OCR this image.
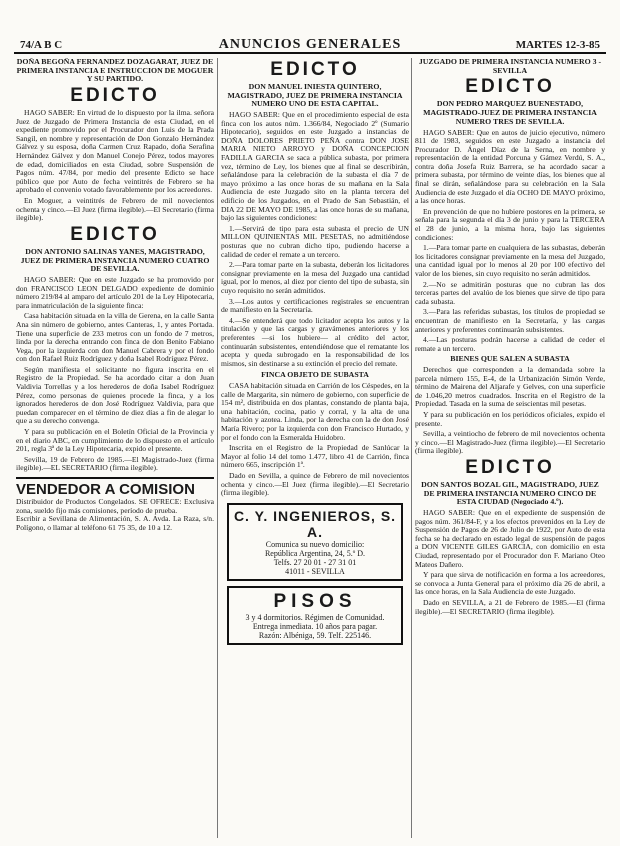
74/A B C	ANUNCIOS GENERALES	MARTES 12-3-85
DOÑA BEGOÑA FERNANDEZ DOZAGARAT, JUEZ DE PRIMERA INSTANCIA E INSTRUCCION DE MOGUER Y SU PARTIDO.
EDICTO

HAGO SABER: En virtud de lo dispuesto por la ilma. señora Juez de Juzgado de Primera Instancia de esta Ciudad, en el expediente promovido por el Procurador don Luis de la Prada Sangil, en nombre y representación de Don Gonzalo Hernández Gálvez y su esposa, doña Carmen Cruz Rapado, doña Serafina Hernández Gálvez y don Manuel Conejo Pérez, todos mayores de edad, domiciliados en esta Ciudad, sobre Suspensión de Pagos núm. 47/84, por medio del presente Edicto se hace público que por Auto de fecha veintitrés de Febrero se ha aprobado el convenio votado favorablemente por los acreedores.

En Moguer, a veintitrés de Febrero de mil novecientos ochenta y cinco.—El Juez (firma ilegible).—El Secretario (firma ilegible).

EDICTO
DON ANTONIO SALINAS YANES, MAGISTRADO, JUEZ DE PRIMERA INSTANCIA NUMERO CUATRO DE SEVILLA.

HAGO SABER: Que en este Juzgado se ha promovido por don FRANCISCO LEON DELGADO expediente de dominio número 219/84 al amparo del artículo 201 de la Ley Hipotecaria, para inmatriculación de la siguiente finca:

Casa habitación situada en la villa de Gerena, en la calle Santa Ana sin número de gobierno, antes Canteras, 1, y antes Portada. Tiene una superficie de 233 metros con un fondo de 7 metros, linda por la derecha entrando con finca de don Benito Fabiano Vega, por la izquierda con don Manuel Cabrera y por el fondo con don Rafael Ruiz Rodríguez y doña Isabel Rodríguez Pérez.

Según manifiesta el solicitante no figura inscrita en el Registro de la Propiedad. Se ha acordado citar a don Juan Valdivia Torrellas y a los herederos de doña Isabel Rodríguez Pérez, como personas de quienes procede la finca, y a los ignorados herederos de don José Rodríguez Valdivia, para que puedan comparecer en el término de diez días a fin de alegar lo que a su derecho convenga.

Y para su publicación en el Boletín Oficial de la Provincia y en el diario ABC, en cumplimiento de lo dispuesto en el artículo 201, regla 3ª de la Ley Hipotecaria, expido el presente.

Sevilla, 19 de Febrero de 1985.—El Magistrado-Juez (firma ilegible).—EL SECRETARIO (firma ilegible).

VENDEDOR A COMISION
Distribuidor de Productos Congelados. SE OFRECE: Exclusiva zona, sueldo fijo más comisiones, período de prueba.
Escribir a Sevillana de Alimentación, S. A. Avda. La Raza, s/n. Polígono, o llamar al teléfono 61 75 35, de 10 a 12.
EDICTO
DON MANUEL INIESTA QUINTERO, MAGISTRADO, JUEZ DE PRIMERA INSTANCIA NUMERO UNO DE ESTA CAPITAL.

HAGO SABER: Que en el procedimiento especial de esta finca con los autos núm. 1.366/84, Negociado 2º (Sumario Hipotecario), seguidos en este Juzgado a instancias de DOÑA DOLORES PRIETO PEÑA contra DON JOSE MARIA NIETO ARROYO y DOÑA CONCEPCION FADILLA GARCIA se saca a pública subasta, por primera vez, término de Ley, los bienes que al final se describirán, señalándose para la celebración de la subasta el día 7 de mayo próximo a las once horas de su mañana en la Sala Audiencia de este Juzgado sito en la planta tercera del edificio de los Juzgados, en el Prado de San Sebastián, el DIA 22 DE MAYO DE 1985, a las once horas de su mañana, bajo las siguientes condiciones:

1.—Servirá de tipo para esta subasta el precio de UN MILLON QUINIENTAS MIL PESETAS, no admitiéndose posturas que no cubran dicho tipo, pudiendo hacerse a calidad de ceder el remate a un tercero.

2.—Para tomar parte en la subasta, deberán los licitadores consignar previamente en la mesa del Juzgado una cantidad igual, por lo menos, al diez por ciento del tipo de subasta, sin cuyo requisito no serán admitidos.

3.—Los autos y certificaciones registrales se encuentran de manifiesto en la Secretaría.

4.—Se entenderá que todo licitador acepta los autos y la titulación y que las cargas y gravámenes anteriores y los preferentes —si los hubiere— al crédito del actor, continuarán subsistentes, entendiéndose que el rematante los acepta y queda subrogado en la responsabilidad de los mismos, sin destinarse a su extinción el precio del remate.

FINCA OBJETO DE SUBASTA

CASA habitación situada en Carrión de los Céspedes, en la calle de Margarita, sin número de gobierno, con superficie de 154 m², distribuida en dos plantas, constando de planta baja, una habitación, cocina, patio y corral, y la alta de una habitación y azotea. Linda, por la derecha con la de don José María Rivero; por la izquierda con don Francisco Hurtado, y por el fondo con la Esmeralda Huidobro.

Inscrita en el Registro de la Propiedad de Sanlúcar la Mayor al folio 14 del tomo 1.477, libro 41 de Carrión, finca número 665, inscripción 1ª.

Dado en Sevilla, a quince de Febrero de mil novecientos ochenta y cinco.—El Juez (firma ilegible).—El Secretario (firma ilegible).

C. Y. INGENIEROS, S. A.
Comunica su nuevo domicilio:
República Argentina, 24, 5.º D.
Telfs. 27 20 01 - 27 31 01
41011 - SEVILLA
PISOS
3 y 4 dormitorios. Régimen de Comunidad. Entrega inmediata. 10 años para pagar.
Razón: Albéniga, 59. Telf. 225146.
JUZGADO DE PRIMERA INSTANCIA NUMERO 3 - SEVILLA
EDICTO
DON PEDRO MARQUEZ BUENESTADO, MAGISTRADO-JUEZ DE PRIMERA INSTANCIA NUMERO TRES DE SEVILLA.

HAGO SABER: Que en autos de juicio ejecutivo, número 811 de 1983, seguidos en este Juzgado a instancia del Procurador D. Ángel Díaz de la Serna, en nombre y representación de la entidad Porcuna y Gámez Verdú, S. A., contra doña Josefa Ruiz Barrera, se ha acordado sacar a primera subasta, por término de veinte días, los bienes que al final se dirán, señalándose para su celebración en la Sala Audiencia de este Juzgado el día OCHO DE MAYO próximo, a las once horas.

En prevención de que no hubiere postores en la primera, se señala para la segunda el día 3 de junio y para la TERCERA el 28 de junio, a la misma hora, bajo las siguientes condiciones:

1.—Para tomar parte en cualquiera de las subastas, deberán los licitadores consignar previamente en la mesa del Juzgado, una cantidad igual por lo menos al 20 por 100 efectivo del valor de los bienes, sin cuyo requisito no serán admitidos.

2.—No se admitirán posturas que no cubran las dos terceras partes del avalúo de los bienes que sirve de tipo para cada subasta.

3.—Para las referidas subastas, los títulos de propiedad se encuentran de manifiesto en la Secretaría, y las cargas anteriores y preferentes continuarán subsistentes.

4.—Las posturas podrán hacerse a calidad de ceder el remate a un tercero.

BIENES QUE SALEN A SUBASTA

Derechos que corresponden a la demandada sobre la parcela número 155, E-4, de la Urbanización Simón Verde, término de Mairena del Aljarafe y Gelves, con una superficie de 1.046,20 metros cuadrados. Inscrita en el Registro de la Propiedad. Tasada en la suma de seiscientas mil pesetas.

Y para su publicación en los periódicos oficiales, expido el presente.

Sevilla, a veintiocho de febrero de mil novecientos ochenta y cinco.—El Magistrado-Juez (firma ilegible).—El Secretario (firma ilegible).

EDICTO
DON SANTOS BOZAL GIL, MAGISTRADO, JUEZ DE PRIMERA INSTANCIA NUMERO CINCO DE ESTA CIUDAD (Negociado 4.º).

HAGO SABER: Que en el expediente de suspensión de pagos núm. 361/84-F, y a los efectos prevenidos en la Ley de Suspensión de Pagos de 26 de Julio de 1922, por Auto de esta fecha se ha declarado en estado legal de suspensión de pagos a DON VICENTE GILES GARCIA, con domicilio en esta Ciudad, representado por el Procurador don F. Mariano Oteo Mateos Dañero.

Y para que sirva de notificación en forma a los acreedores, se convoca a Junta General para el próximo día 26 de abril, a las once horas, en la Sala Audiencia de este Juzgado.

Dado en SEVILLA, a 21 de Febrero de 1985.—El (firma ilegible).—El SECRETARIO (firma ilegible).
